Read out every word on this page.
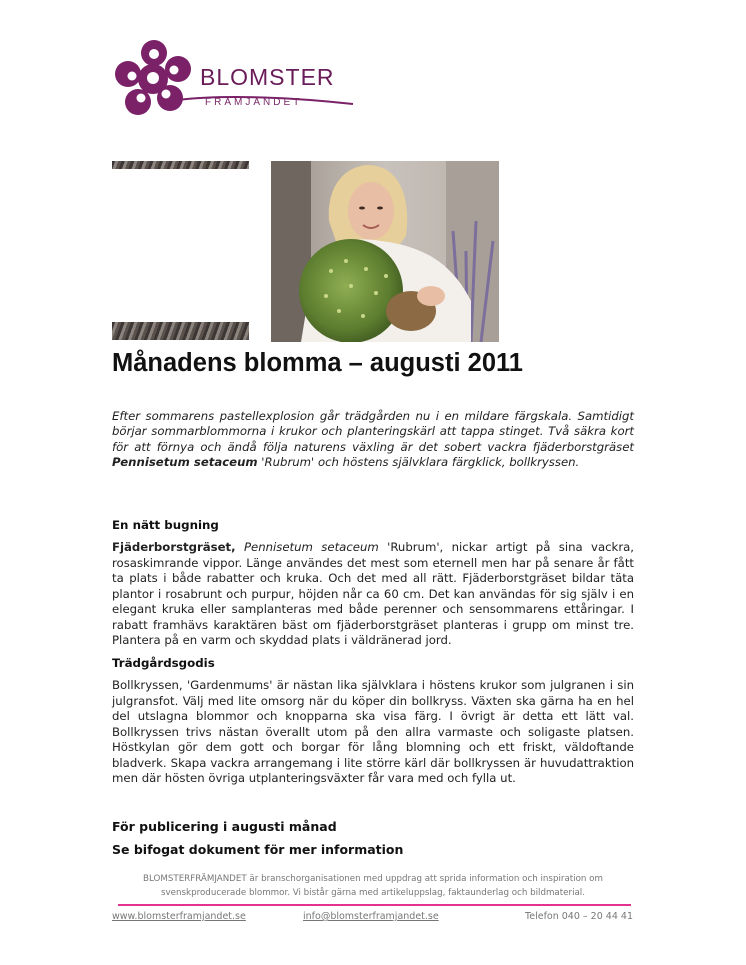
BLOMSTER
FRÄMJANDET
Månadens blomma – augusti 2011

Efter sommarens pastellexplosion går trädgården nu i en mildare färgskala. Samtidigt börjar sommarblommorna i krukor och planteringskärl att tappa stinget. Två säkra kort för att förnya och ändå följa naturens växling är det sobert vackra fjäderborstgräset Pennisetum setaceum 'Rubrum' och höstens självklara färgklick, bollkryssen.

En nätt bugning

Fjäderborstgräset, Pennisetum setaceum 'Rubrum', nickar artigt på sina vackra, rosaskimrande vippor. Länge användes det mest som eternell men har på senare år fått ta plats i både rabatter och kruka. Och det med all rätt. Fjäderborstgräset bildar täta plantor i rosabrunt och purpur, höjden når ca 60 cm. Det kan användas för sig själv i en elegant kruka eller samplanteras med både perenner och sensommarens ettåringar. I rabatt framhävs karaktären bäst om fjäderborstgräset planteras i grupp om minst tre. Plantera på en varm och skyddad plats i väldränerad jord.

Trädgårdsgodis

Bollkryssen, 'Gardenmums' är nästan lika självklara i höstens krukor som julgranen i sin julgransfot. Välj med lite omsorg när du köper din bollkryss. Växten ska gärna ha en hel del utslagna blommor och knopparna ska visa färg. I övrigt är detta ett lätt val. Bollkryssen trivs nästan överallt utom på den allra varmaste och soligaste platsen. Höstkylan gör dem gott och borgar för lång blomning och ett friskt, väldoftande bladverk. Skapa vackra arrangemang i lite större kärl där bollkryssen är huvudattraktion men där hösten övriga utplanteringsväxter får vara med och fylla ut.

För publicering i augusti månad
Se bifogat dokument för mer information

BLOMSTERFRÄMJANDET är branschorganisationen med uppdrag att sprida information och inspiration om svenskproducerade blommor. Vi bistår gärna med artikeluppslag, faktaunderlag och bildmaterial.

www.blomsterframjandet.se	info@blomsterframjandet.se	Telefon 040 – 20 44 41
